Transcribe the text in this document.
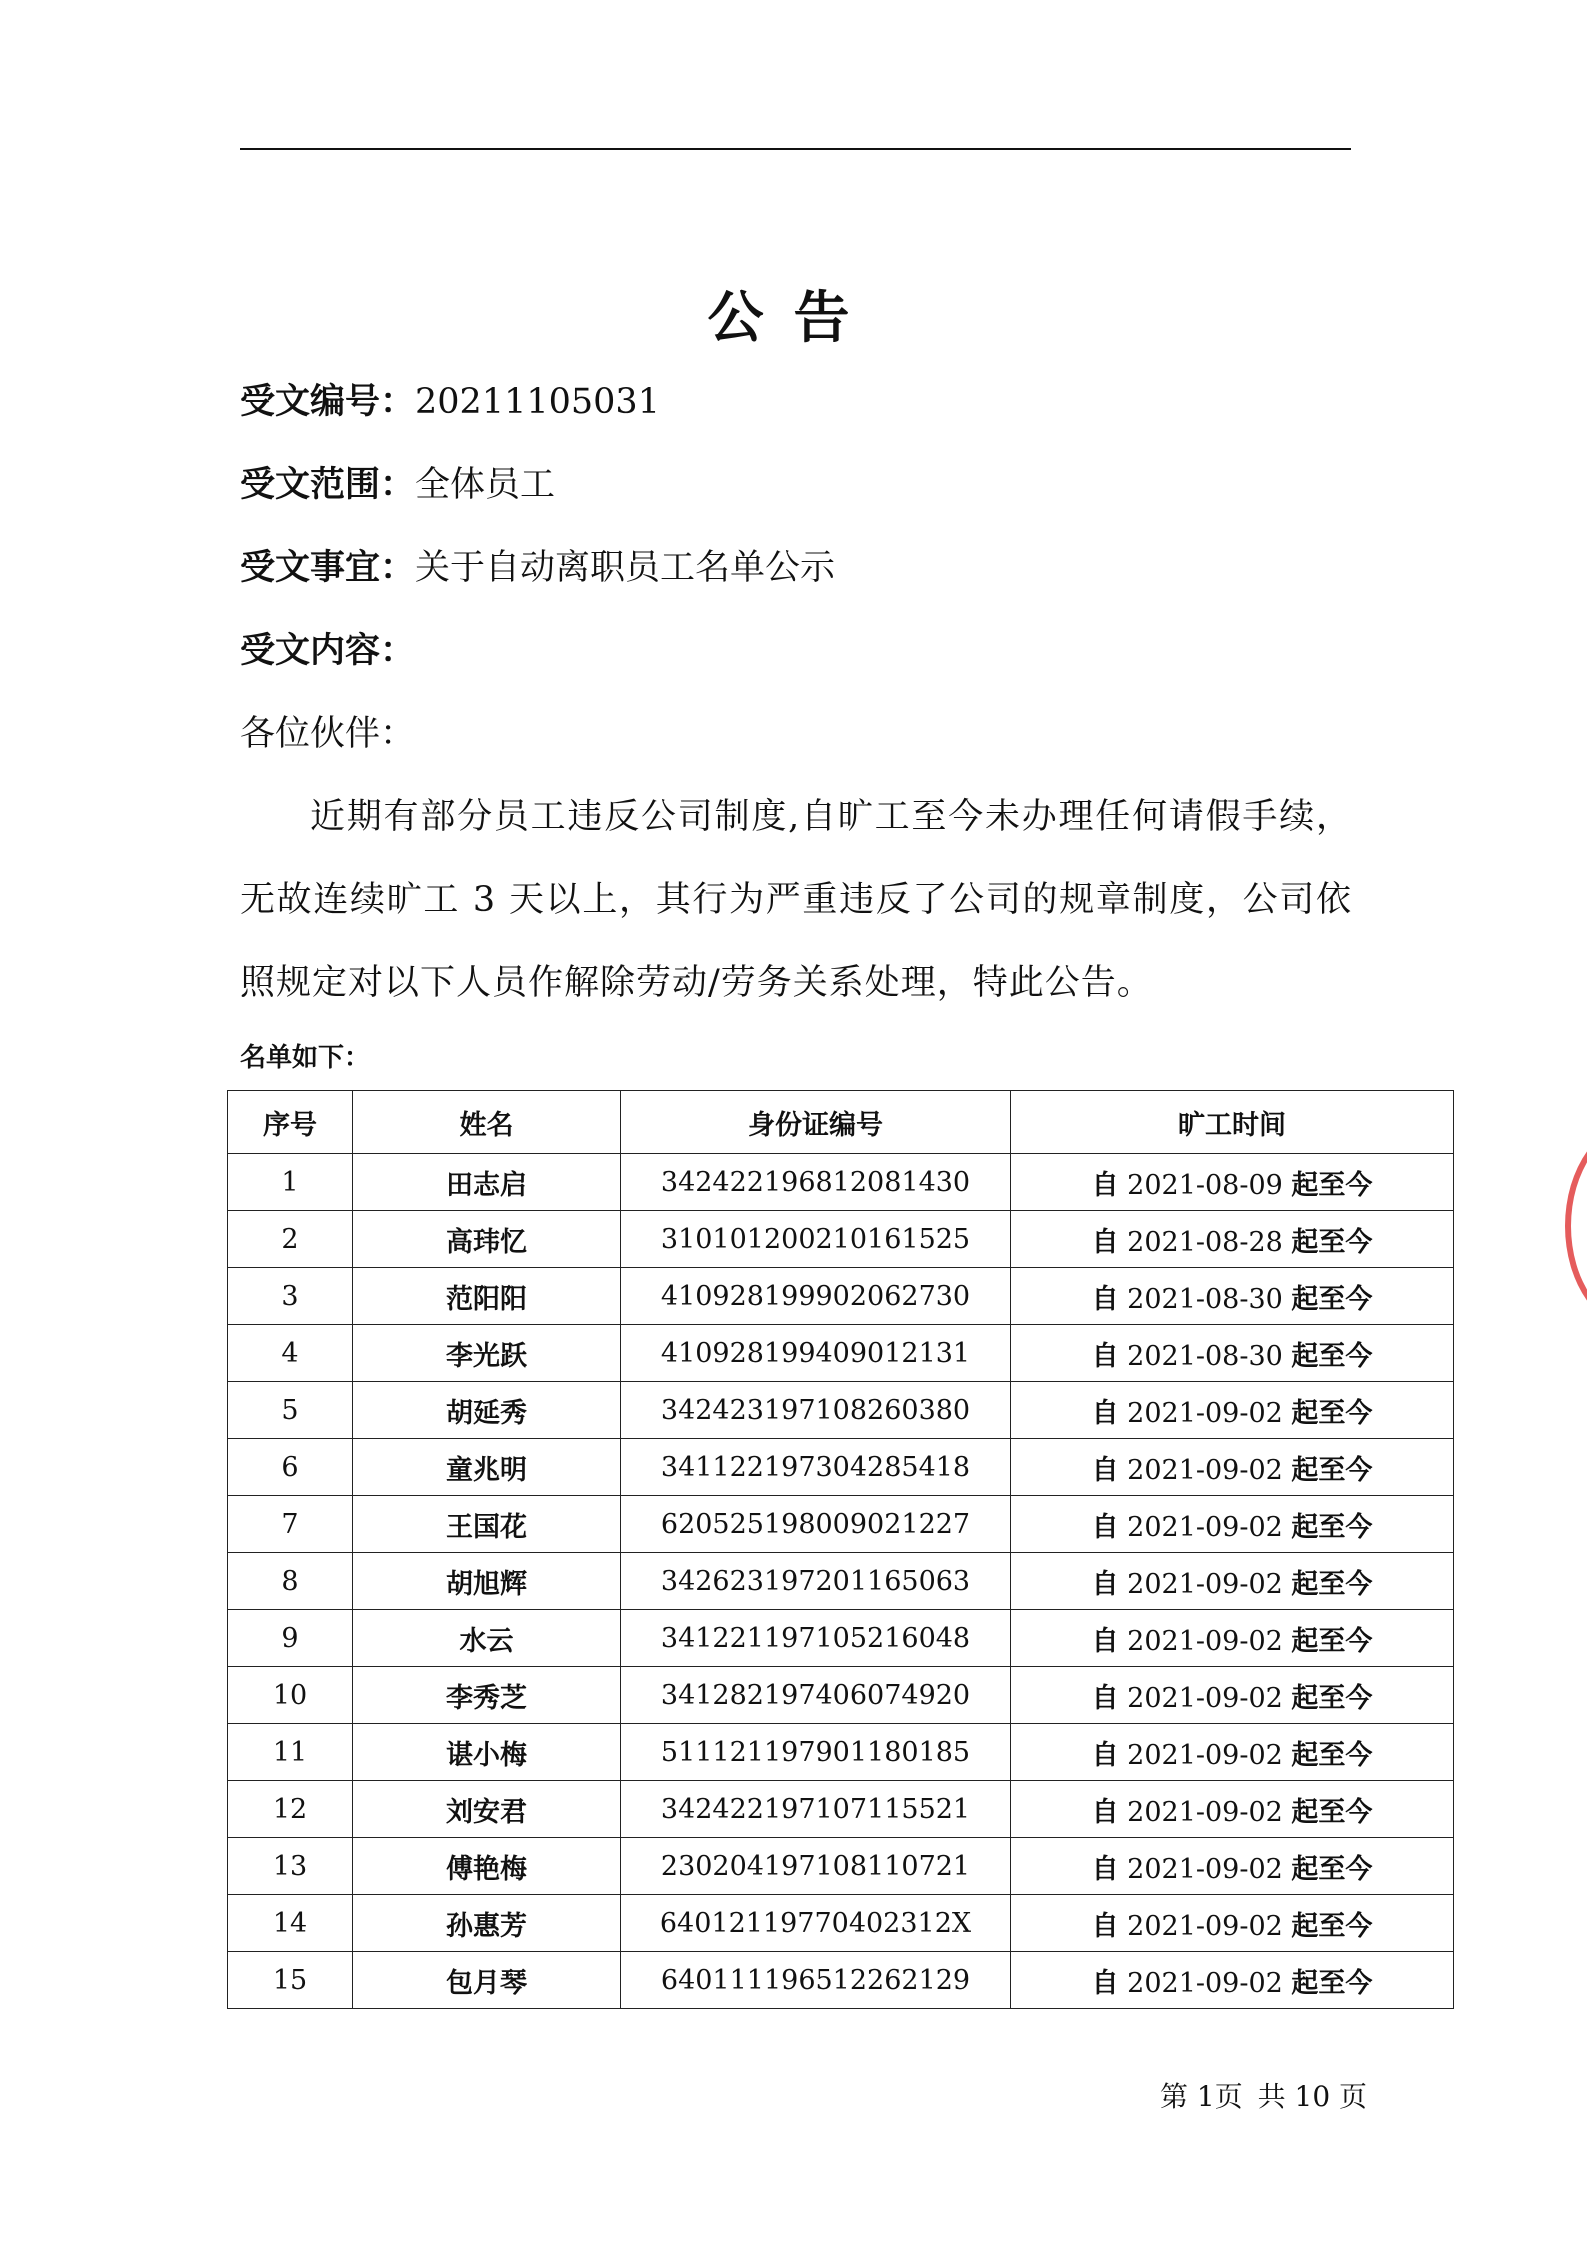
公告
受文编号：20211105031
受文范围：全体员工
受文事宜：关于自动离职员工名单公示
受文内容：
各位伙伴：
近期有部分员工违反公司制度,自旷工至今未办理任何请假手续，无故连续旷工 3 天以上，其行为严重违反了公司的规章制度，公司依照规定对以下人员作解除劳动/劳务关系处理，特此公告。
名单如下：
序号	姓名	身份证编号	旷工时间
1	田志启	342422196812081430	自 2021-08-09 起至今
2	高玮忆	310101200210161525	自 2021-08-28 起至今
3	范阳阳	410928199902062730	自 2021-08-30 起至今
4	李光跃	410928199409012131	自 2021-08-30 起至今
5	胡延秀	342423197108260380	自 2021-09-02 起至今
6	童兆明	341122197304285418	自 2021-09-02 起至今
7	王国花	620525198009021227	自 2021-09-02 起至今
8	胡旭辉	342623197201165063	自 2021-09-02 起至今
9	水云	341221197105216048	自 2021-09-02 起至今
10	李秀芝	341282197406074920	自 2021-09-02 起至今
11	谌小梅	511121197901180185	自 2021-09-02 起至今
12	刘安君	342422197107115521	自 2021-09-02 起至今
13	傅艳梅	230204197108110721	自 2021-09-02 起至今
14	孙惠芳	64012119770402312X	自 2021-09-02 起至今
15	包月琴	640111196512262129	自 2021-09-02 起至今
第 1页 共 10 页
